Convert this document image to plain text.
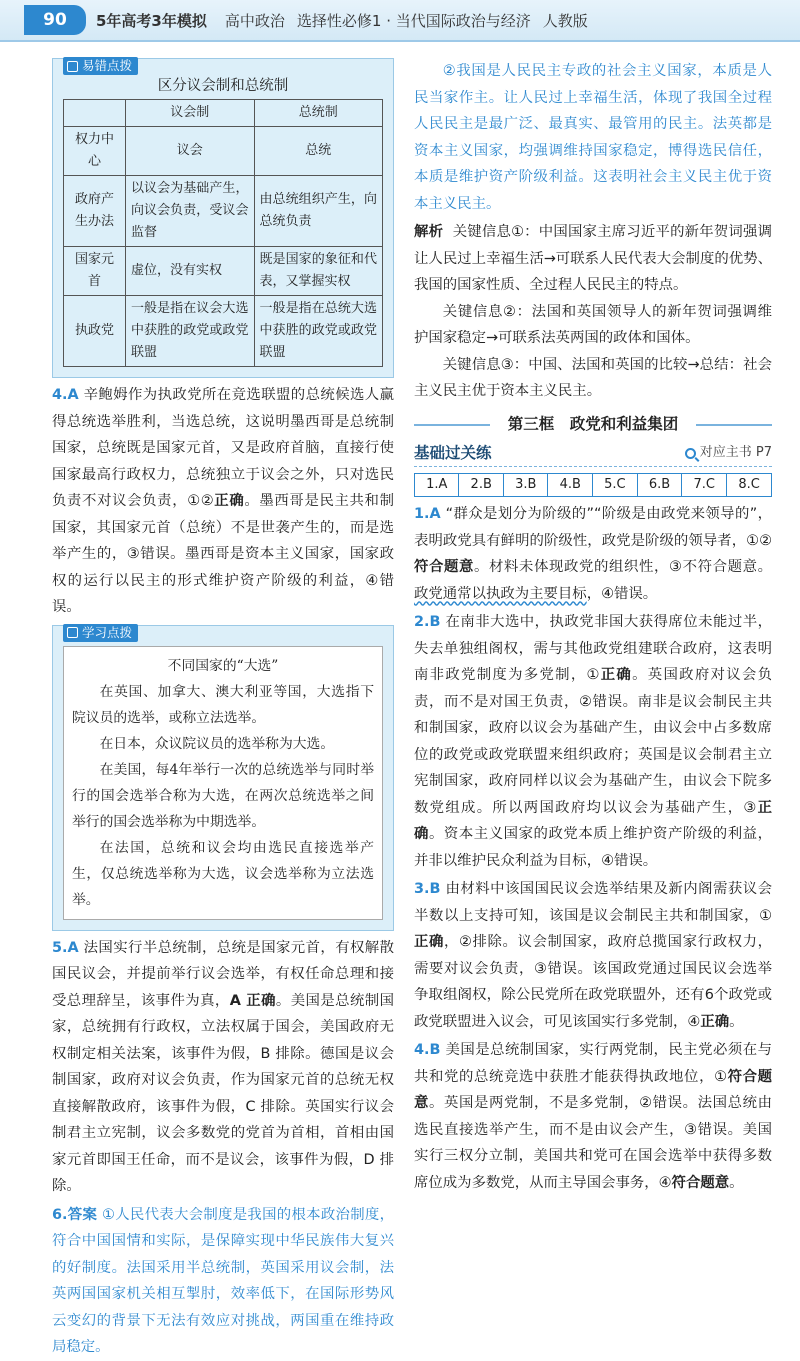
90	5年高考3年模拟 高中政治 选择性必修1 · 当代国际政治与经济 人教版
易错点拨
区分议会制和总统制
	议会制	总统制
权力中心	议会	总统
政府产生办法	以议会为基础产生，向议会负责，受议会监督	由总统组织产生，向总统负责
国家元首	虚位，没有实权	既是国家的象征和代表，又掌握实权
执政党	一般是指在议会大选中获胜的政党或政党联盟	一般是指在总统大选中获胜的政党或政党联盟
4.A 辛鲍姆作为执政党所在竞选联盟的总统候选人赢得总统选举胜利，当选总统，这说明墨西哥是总统制国家，总统既是国家元首，又是政府首脑，直接行使国家最高行政权力，总统独立于议会之外，只对选民负责不对议会负责，①②正确。墨西哥是民主共和制国家，其国家元首（总统）不是世袭产生的，而是选举产生的，③错误。墨西哥是资本主义国家，国家政权的运行以民主的形式维护资产阶级的利益，④错误。
学习点拨

不同国家的“大选”

在英国、加拿大、澳大利亚等国，大选指下院议员的选举，或称立法选举。

在日本，众议院议员的选举称为大选。

在美国，每4年举行一次的总统选举与同时举行的国会选举合称为大选，在两次总统选举之间举行的国会选举称为中期选举。

在法国，总统和议会均由选民直接选举产生，仅总统选举称为大选，议会选举称为立法选举。

5.A 法国实行半总统制，总统是国家元首，有权解散国民议会，并提前举行议会选举，有权任命总理和接受总理辞呈，该事件为真，A 正确。美国是总统制国家，总统拥有行政权，立法权属于国会，美国政府无权制定相关法案，该事件为假，B 排除。德国是议会制国家，政府对议会负责，作为国家元首的总统无权直接解散政府，该事件为假，C 排除。英国实行议会制君主立宪制，议会多数党的党首为首相，首相由国家元首即国王任命，而不是议会，该事件为假，D 排除。
6.答案 ①人民代表大会制度是我国的根本政治制度，符合中国国情和实际，是保障实现中华民族伟大复兴的好制度。法国采用半总统制，英国采用议会制，法英两国国家机关相互掣肘，效率低下，在国际形势风云变幻的背景下无法有效应对挑战，两国重在维持政局稳定。
②我国是人民民主专政的社会主义国家，本质是人民当家作主。让人民过上幸福生活，体现了我国全过程人民民主是最广泛、最真实、最管用的民主。法英都是资本主义国家，均强调维持国家稳定，博得选民信任，本质是维护资产阶级利益。这表明社会主义民主优于资本主义民主。

解析 关键信息①：中国国家主席习近平的新年贺词强调让人民过上幸福生活→可联系人民代表大会制度的优势、我国的国家性质、全过程人民民主的特点。

关键信息②：法国和英国领导人的新年贺词强调维护国家稳定→可联系法英两国的政体和国体。

关键信息③：中国、法国和英国的比较→总结：社会主义民主优于资本主义民主。

第三框　政党和利益集团
基础过关练	对应主书 P7
1.A	2.B	3.B	4.B	5.C	6.B	7.C	8.C
1.A “群众是划分为阶级的”“阶级是由政党来领导的”，表明政党具有鲜明的阶级性，政党是阶级的领导者，①②符合题意。材料未体现政党的组织性，③不符合题意。政党通常以执政为主要目标，④错误。
2.B 在南非大选中，执政党非国大获得席位未能过半，失去单独组阁权，需与其他政党组建联合政府，这表明南非政党制度为多党制，①正确。英国政府对议会负责，而不是对国王负责，②错误。南非是议会制民主共和制国家，政府以议会为基础产生，由议会中占多数席位的政党或政党联盟来组织政府；英国是议会制君主立宪制国家，政府同样以议会为基础产生，由议会下院多数党组成。所以两国政府均以议会为基础产生，③正确。资本主义国家的政党本质上维护资产阶级的利益，并非以维护民众利益为目标，④错误。
3.B 由材料中该国国民议会选举结果及新内阁需获议会半数以上支持可知，该国是议会制民主共和制国家，①正确，②排除。议会制国家，政府总揽国家行政权力，需要对议会负责，③错误。该国政党通过国民议会选举争取组阁权，除公民党所在政党联盟外，还有6个政党或政党联盟进入议会，可见该国实行多党制，④正确。
4.B 美国是总统制国家，实行两党制，民主党必须在与共和党的总统竞选中获胜才能获得执政地位，①符合题意。英国是两党制，不是多党制，②错误。法国总统由选民直接选举产生，而不是由议会产生，③错误。美国实行三权分立制，美国共和党可在国会选举中获得多数席位成为多数党，从而主导国会事务，④符合题意。
